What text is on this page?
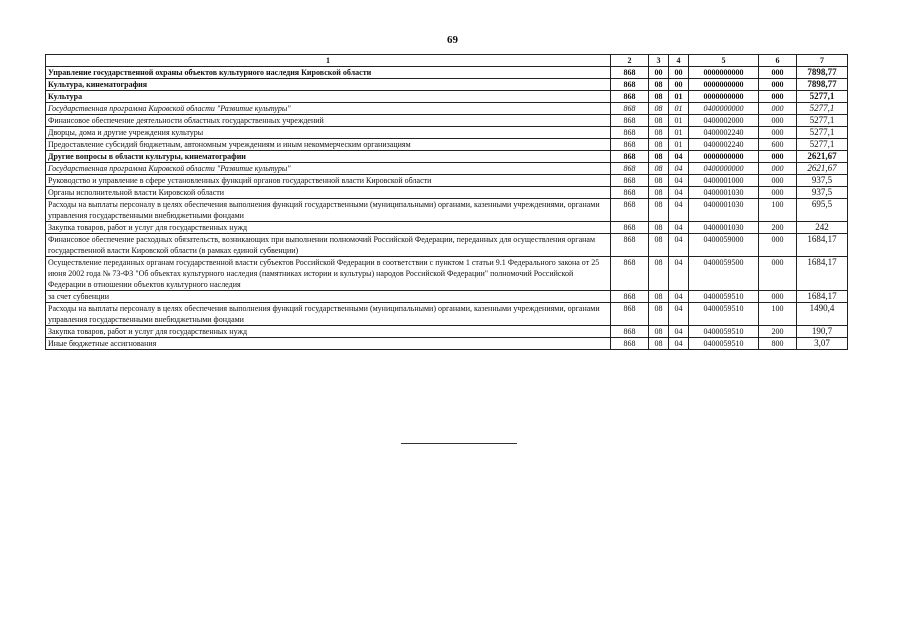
69
1	2	3	4	5	6	7
Управление государственной охраны объектов культурного наследия Кировской области	868	00	00	0000000000	000	7898,77
Культура, кинематография	868	08	00	0000000000	000	7898,77
Культура	868	08	01	0000000000	000	5277,1
Государственная программа Кировской области "Развитие культуры"	868	08	01	0400000000	000	5277,1
Финансовое обеспечение деятельности областных государственных учреждений	868	08	01	0400002000	000	5277,1
Дворцы, дома и другие учреждения культуры	868	08	01	0400002240	000	5277,1
Предоставление субсидий бюджетным, автономным учреждениям и иным некоммерческим организациям	868	08	01	0400002240	600	5277,1
Другие вопросы в области культуры, кинематографии	868	08	04	0000000000	000	2621,67
Государственная программа Кировской области "Развитие культуры"	868	08	04	0400000000	000	2621,67
Руководство и управление в сфере установленных функций органов государственной власти Кировской области	868	08	04	0400001000	000	937,5
Органы исполнительной власти Кировской области	868	08	04	0400001030	000	937,5
Расходы на выплаты персоналу в целях обеспечения выполнения функций государственными (муниципальными) органами, казенными учреждениями, органами управления государственными внебюджетными фондами	868	08	04	0400001030	100	695,5
Закупка товаров, работ и услуг для государственных нужд	868	08	04	0400001030	200	242
Финансовое обеспечение расходных обязательств, возникающих при выполнении полномочий Российской Федерации, переданных для осуществления органам государственной власти Кировской области (в рамках единой субвенции)	868	08	04	0400059000	000	1684,17
Осуществление переданных органам государственной власти субъектов Российской Федерации в соответствии с пунктом 1 статьи 9.1 Федерального закона от 25 июня 2002 года № 73-ФЗ "Об объектах культурного наследия (памятниках истории и культуры) народов Российской Федерации" полномочий Российской Федерации в отношении объектов культурного наследия	868	08	04	0400059500	000	1684,17
за счет субвенции	868	08	04	0400059510	000	1684,17
Расходы на выплаты персоналу в целях обеспечения выполнения функций государственными (муниципальными) органами, казенными учреждениями, органами управления государственными внебюджетными фондами	868	08	04	0400059510	100	1490,4
Закупка товаров, работ и услуг для государственных нужд	868	08	04	0400059510	200	190,7
Иные бюджетные ассигнования	868	08	04	0400059510	800	3,07
